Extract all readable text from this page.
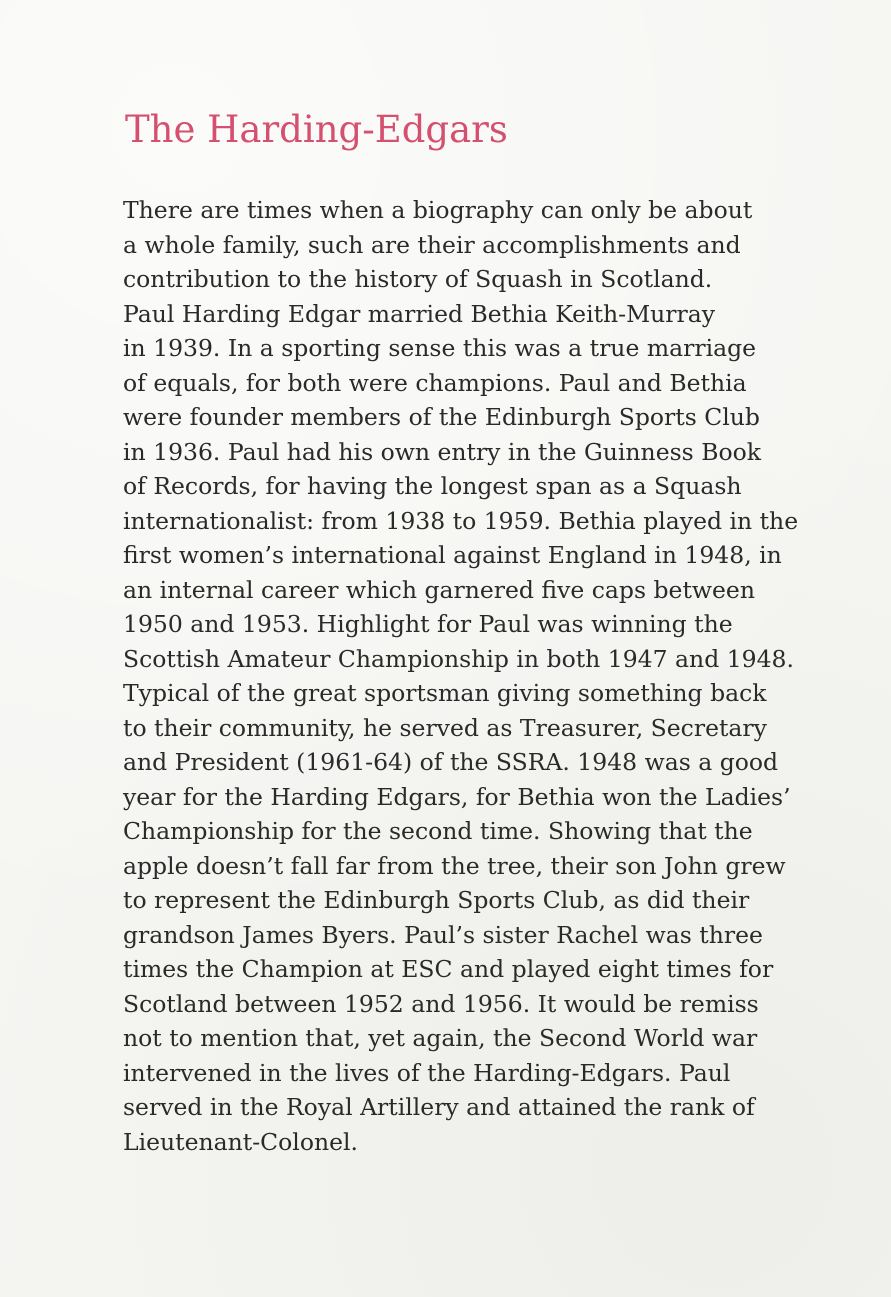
The Harding-Edgars
There are times when a biography can only be about
a whole family, such are their accomplishments and
contribution to the history of Squash in Scotland.
Paul Harding Edgar married Bethia Keith-Murray
in 1939. In a sporting sense this was a true marriage
of equals, for both were champions. Paul and Bethia
were founder members of the Edinburgh Sports Club
in 1936. Paul had his own entry in the Guinness Book
of Records, for having the longest span as a Squash
internationalist: from 1938 to 1959. Bethia played in the
first women’s international against England in 1948, in
an internal career which garnered five caps between
1950 and 1953. Highlight for Paul was winning the
Scottish Amateur Championship in both 1947 and 1948.
Typical of the great sportsman giving something back
to their community, he served as Treasurer, Secretary
and President (1961-64) of the SSRA. 1948 was a good
year for the Harding Edgars, for Bethia won the Ladies’
Championship for the second time. Showing that the
apple doesn’t fall far from the tree, their son John grew
to represent the Edinburgh Sports Club, as did their
grandson James Byers. Paul’s sister Rachel was three
times the Champion at ESC and played eight times for
Scotland between 1952 and 1956. It would be remiss
not to mention that, yet again, the Second World war
intervened in the lives of the Harding-Edgars. Paul
served in the Royal Artillery and attained the rank of
Lieutenant-Colonel.
